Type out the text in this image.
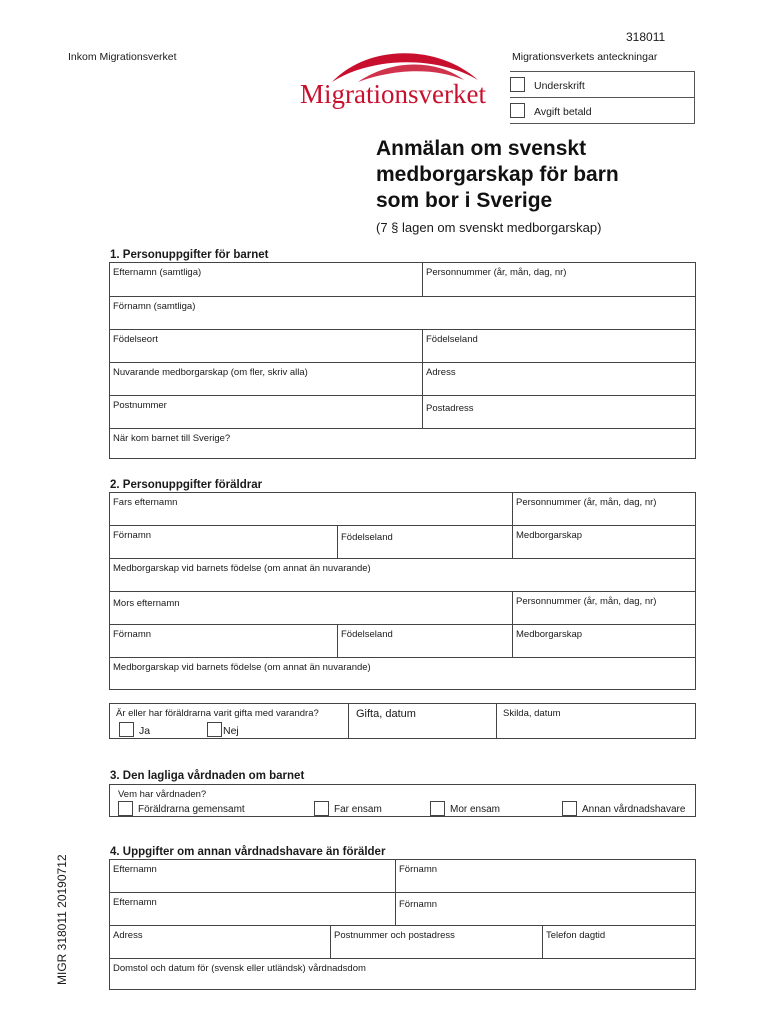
318011
Inkom Migrationsverket	Migrationsverkets anteckningar
Migrationsverket	Underskrift
Avgift betald
Anmälan om svenskt
medborgarskap för barn
som bor i Sverige
(7 § lagen om svenskt medborgarskap)
1. Personuppgifter för barnet
Efternamn (samtliga)	Personnummer (år, mån, dag, nr)
Förnamn (samtliga)
Födelseort	Födelseland
Nuvarande medborgarskap (om fler, skriv alla)	Adress
Postnummer	Postadress
När kom barnet till Sverige?
2. Personuppgifter föräldrar
Fars efternamn	Personnummer (år, mån, dag, nr)
Förnamn	Födelseland	Medborgarskap
Medborgarskap vid barnets födelse (om annat än nuvarande)
Mors efternamn	Personnummer (år, mån, dag, nr)
Förnamn	Födelseland	Medborgarskap
Medborgarskap vid barnets födelse (om annat än nuvarande)
Är eller har föräldrarna varit gifta med varandra?
Ja	Nej
Gifta, datum	Skilda, datum
3. Den lagliga vårdnaden om barnet
Vem har vårdnaden?
Föräldrarna gemensamt	Far ensam	Mor ensam	Annan vårdnadshavare
4. Uppgifter om annan vårdnadshavare än förälder
Efternamn	Förnamn
Efternamn	Förnamn
Adress	Postnummer och postadress	Telefon dagtid
Domstol och datum för (svensk eller utländsk) vårdnadsdom
MIGR 318011 20190712
